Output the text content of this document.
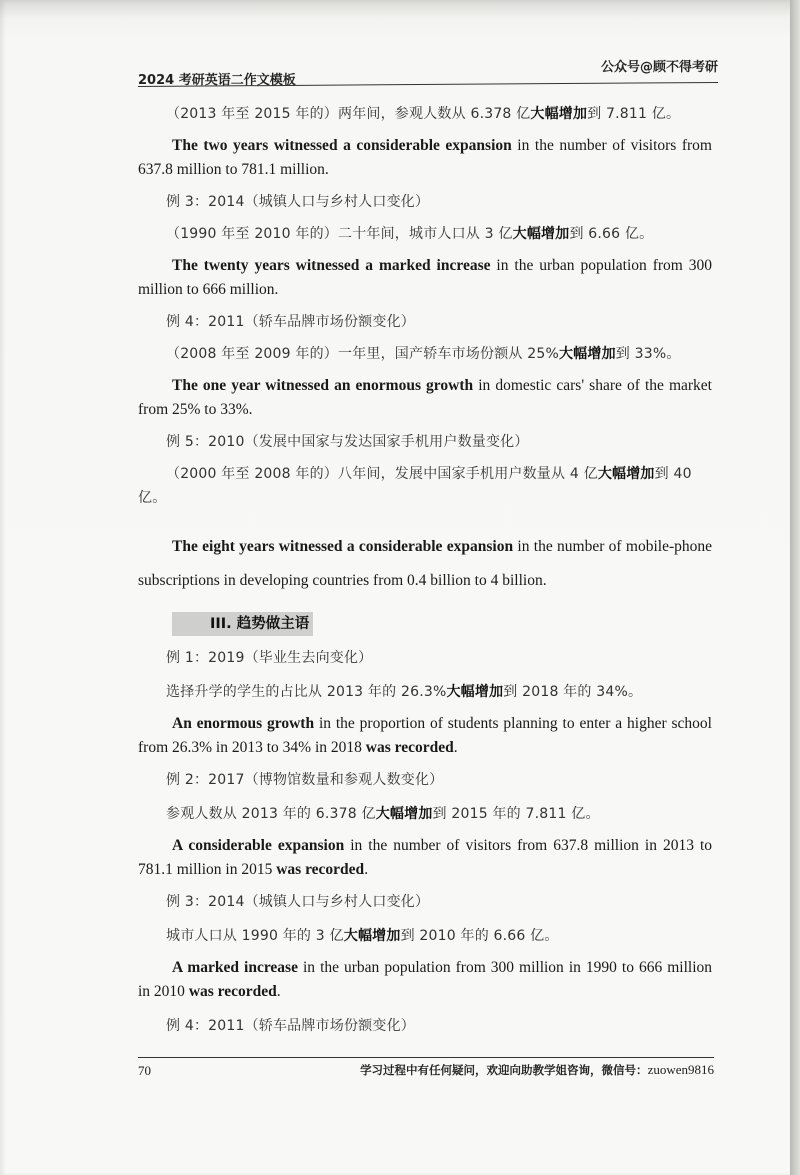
2024 考研英语二作文模板
公众号@顾不得考研

（2013 年至 2015 年的）两年间，参观人数从 6.378 亿大幅增加到 7.811 亿。

The two years witnessed a considerable expansion in the number of visitors from 637.8 million to 781.1 million.

例 3：2014（城镇人口与乡村人口变化）

（1990 年至 2010 年的）二十年间，城市人口从 3 亿大幅增加到 6.66 亿。

The twenty years witnessed a marked increase in the urban population from 300 million to 666 million.

例 4：2011（轿车品牌市场份额变化）

（2008 年至 2009 年的）一年里，国产轿车市场份额从 25%大幅增加到 33%。

The one year witnessed an enormous growth in domestic cars' share of the market from 25% to 33%.

例 5：2010（发展中国家与发达国家手机用户数量变化）

（2000 年至 2008 年的）八年间，发展中国家手机用户数量从 4 亿大幅增加到 40 亿。

The eight years witnessed a considerable expansion in the number of mobile-phone subscriptions in developing countries from 0.4 billion to 4 billion.

III. 趋势做主语

例 1：2019（毕业生去向变化）

选择升学的学生的占比从 2013 年的 26.3%大幅增加到 2018 年的 34%。

An enormous growth in the proportion of students planning to enter a higher school from 26.3% in 2013 to 34% in 2018 was recorded.

例 2：2017（博物馆数量和参观人数变化）

参观人数从 2013 年的 6.378 亿大幅增加到 2015 年的 7.811 亿。

A considerable expansion in the number of visitors from 637.8 million in 2013 to 781.1 million in 2015 was recorded.

例 3：2014（城镇人口与乡村人口变化）

城市人口从 1990 年的 3 亿大幅增加到 2010 年的 6.66 亿。

A marked increase in the urban population from 300 million in 1990 to 666 million in 2010 was recorded.

例 4：2011（轿车品牌市场份额变化）

70	学习过程中有任何疑问，欢迎向助教学姐咨询，微信号：zuowen9816
